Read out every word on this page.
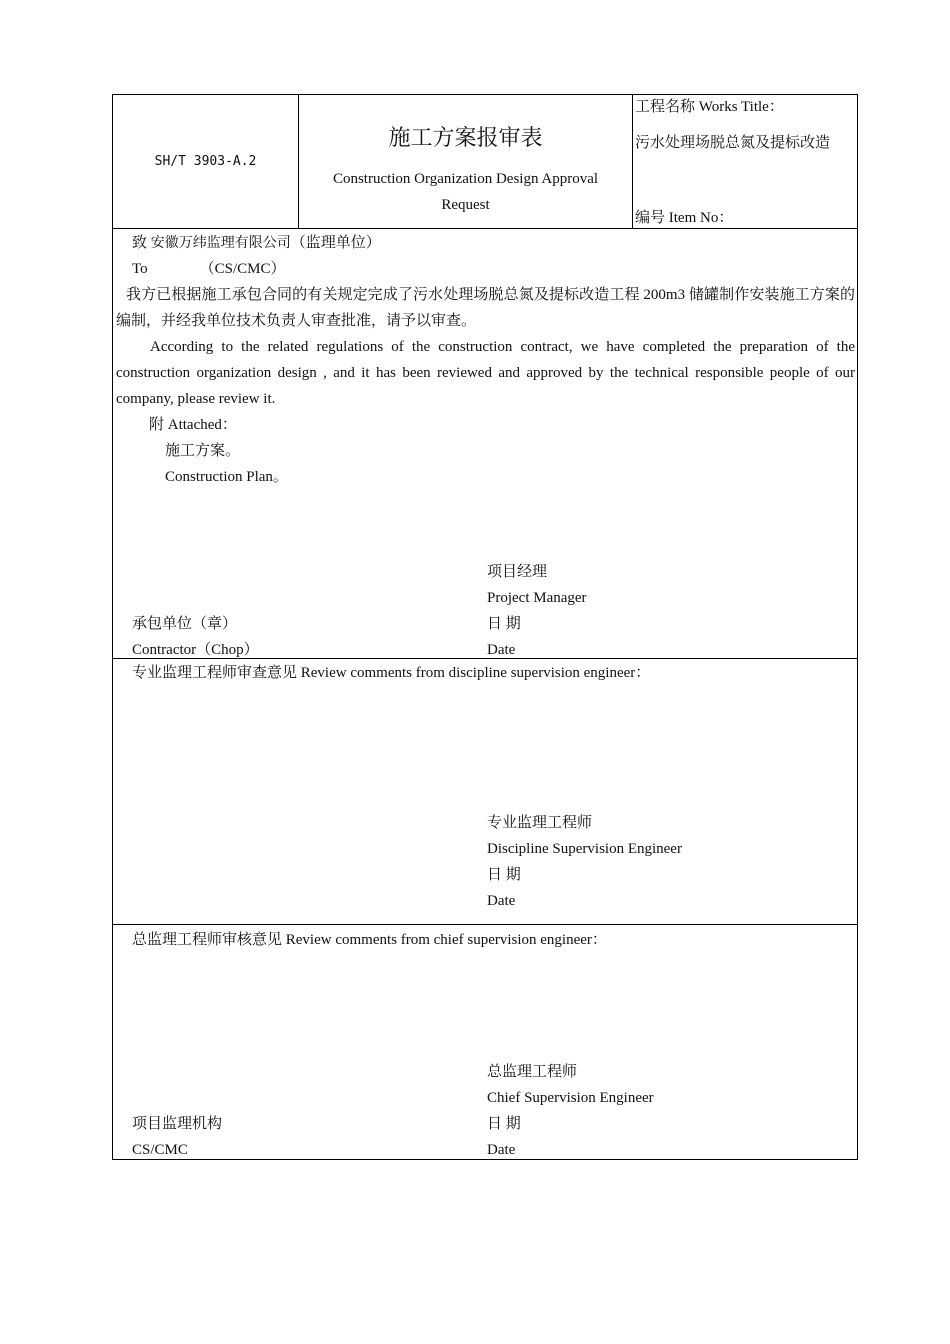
SH/T 3903-A.2
施工方案报审表
Construction Organization Design Approval Request
工程名称 Works Title：
污水处理场脱总氮及提标改造
编号 Item No：
致 安徽万纬监理有限公司（监理单位）
To	（CS/CMC）
我方已根据施工承包合同的有关规定完成了污水处理场脱总氮及提标改造工程 200m3 储罐制作安装施工方案的编制，并经我单位技术负责人审查批准，请予以审查。
According to the related regulations of the construction contract, we have completed the preparation of the construction organization design , and it has been reviewed and approved by the technical responsible people of our company, please review it.
附 Attached：
施工方案。
Construction Plan。
项目经理
Project Manager
承包单位（章）	日 期
Contractor（Chop）	Date
专业监理工程师审查意见 Review comments from discipline supervision engineer：
专业监理工程师
Discipline Supervision Engineer
日 期
Date
总监理工程师审核意见 Review comments from chief supervision engineer：
总监理工程师
Chief Supervision Engineer
项目监理机构	日 期
CS/CMC	Date
